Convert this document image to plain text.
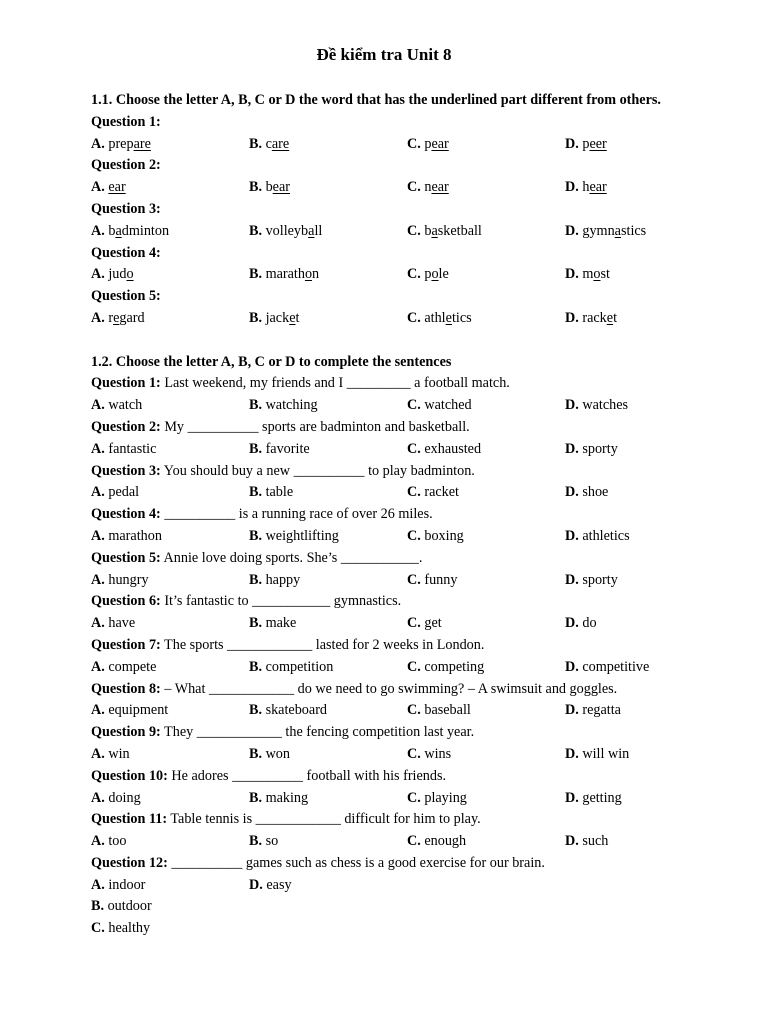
Đề kiểm tra Unit 8
1.1. Choose the letter A, B, C or D the word that has the underlined part different from others.
Question 1:
A. prepare	B. care	C. pear	D. peer
Question 2:
A. ear	B. bear	C. near	D. hear
Question 3:
A. badminton	B. volleyball	C. basketball	D. gymnastics
Question 4:
A. judo	B. marathon	C. pole	D. most
Question 5:
A. regard	B. jacket	C. athletics	D. racket
1.2. Choose the letter A, B, C or D to complete the sentences
Question 1: Last weekend, my friends and I _________ a football match.
A. watch	B. watching	C. watched	D. watches
Question 2: My __________ sports are badminton and basketball.
A. fantastic	B. favorite	C. exhausted	D. sporty
Question 3: You should buy a new __________ to play badminton.
A. pedal	B. table	C. racket	D. shoe
Question 4: __________ is a running race of over 26 miles.
A. marathon	B. weightlifting	C. boxing	D. athletics
Question 5: Annie love doing sports. She’s ___________.
A. hungry	B. happy	C. funny	D. sporty
Question 6: It’s fantastic to ___________ gymnastics.
A. have	B. make	C. get	D. do
Question 7: The sports ____________ lasted for 2 weeks in London.
A. compete	B. competition	C. competing	D. competitive
Question 8: – What ____________ do we need to go swimming? – A swimsuit and goggles.
A. equipment	B. skateboard	C. baseball	D. regatta
Question 9: They ____________ the fencing competition last year.
A. win	B. won	C. wins	D. will win
Question 10: He adores __________ football with his friends.
A. doing	B. making	C. playing	D. getting
Question 11: Table tennis is ____________ difficult for him to play.
A. too	B. so	C. enough	D. such
Question 12: __________ games such as chess is a good exercise for our brain.
A. indoor	D. easy
B. outdoor
C. healthy
